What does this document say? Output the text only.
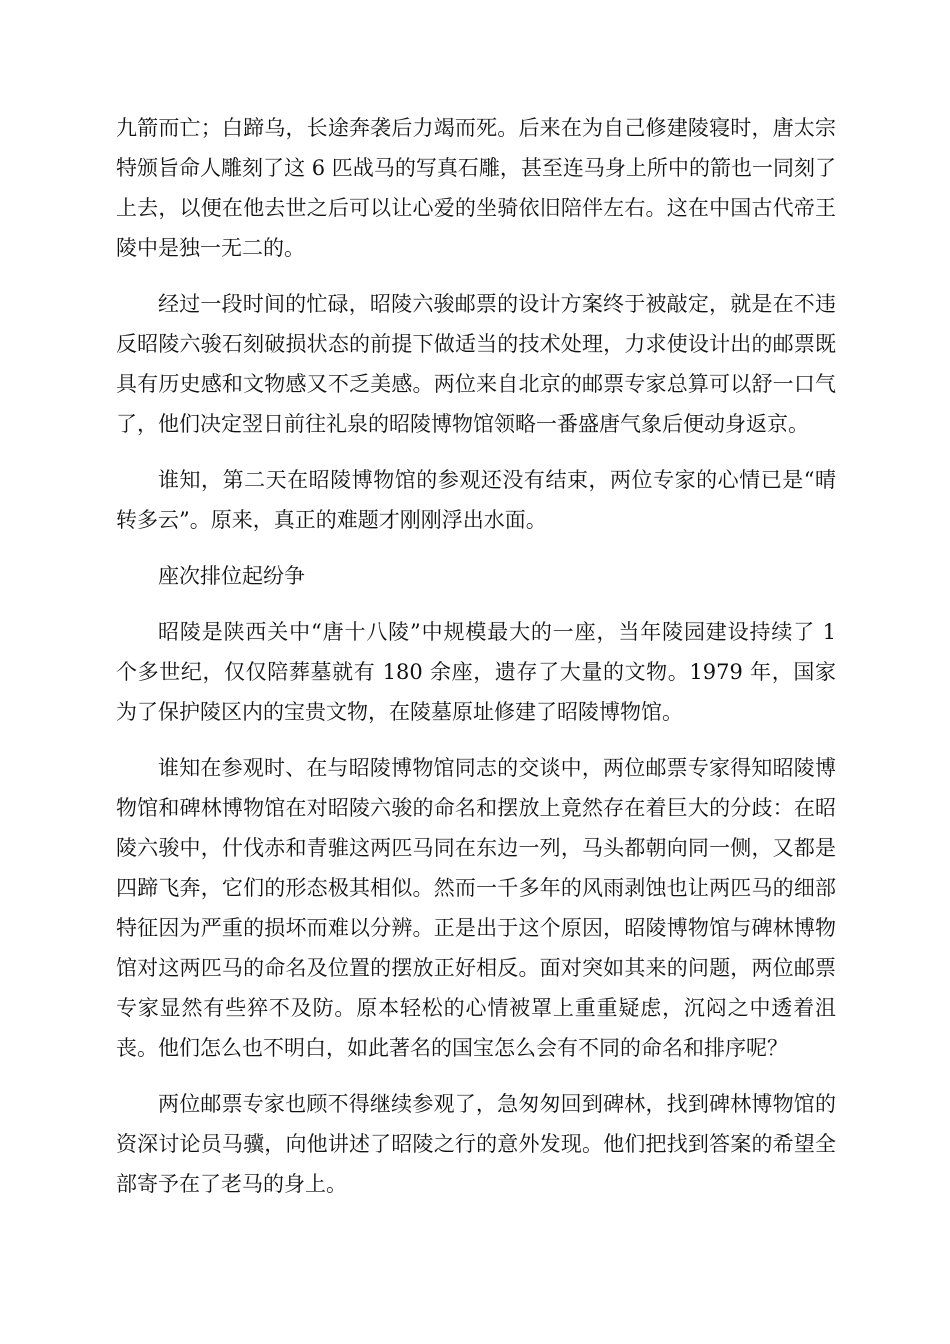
九箭而亡；白蹄乌，长途奔袭后力竭而死。后来在为自己修建陵寝时，唐太宗特颁旨命人雕刻了这 6 匹战马的写真石雕，甚至连马身上所中的箭也一同刻了上去，以便在他去世之后可以让心爱的坐骑依旧陪伴左右。这在中国古代帝王陵中是独一无二的。

经过一段时间的忙碌，昭陵六骏邮票的设计方案终于被敲定，就是在不违反昭陵六骏石刻破损状态的前提下做适当的技术处理，力求使设计出的邮票既具有历史感和文物感又不乏美感。两位来自北京的邮票专家总算可以舒一口气了，他们决定翌日前往礼泉的昭陵博物馆领略一番盛唐气象后便动身返京。

谁知，第二天在昭陵博物馆的参观还没有结束，两位专家的心情已是“晴转多云”。原来，真正的难题才刚刚浮出水面。

座次排位起纷争

昭陵是陕西关中“唐十八陵”中规模最大的一座，当年陵园建设持续了 1 个多世纪，仅仅陪葬墓就有 180 余座，遗存了大量的文物。1979 年，国家为了保护陵区内的宝贵文物，在陵墓原址修建了昭陵博物馆。

谁知在参观时、在与昭陵博物馆同志的交谈中，两位邮票专家得知昭陵博物馆和碑林博物馆在对昭陵六骏的命名和摆放上竟然存在着巨大的分歧：在昭陵六骏中，什伐赤和青骓这两匹马同在东边一列，马头都朝向同一侧，又都是四蹄飞奔，它们的形态极其相似。然而一千多年的风雨剥蚀也让两匹马的细部特征因为严重的损坏而难以分辨。正是出于这个原因，昭陵博物馆与碑林博物馆对这两匹马的命名及位置的摆放正好相反。面对突如其来的问题，两位邮票专家显然有些猝不及防。原本轻松的心情被罩上重重疑虑，沉闷之中透着沮丧。他们怎么也不明白，如此著名的国宝怎么会有不同的命名和排序呢？

两位邮票专家也顾不得继续参观了，急匆匆回到碑林，找到碑林博物馆的资深讨论员马骥，向他讲述了昭陵之行的意外发现。他们把找到答案的希望全部寄予在了老马的身上。
